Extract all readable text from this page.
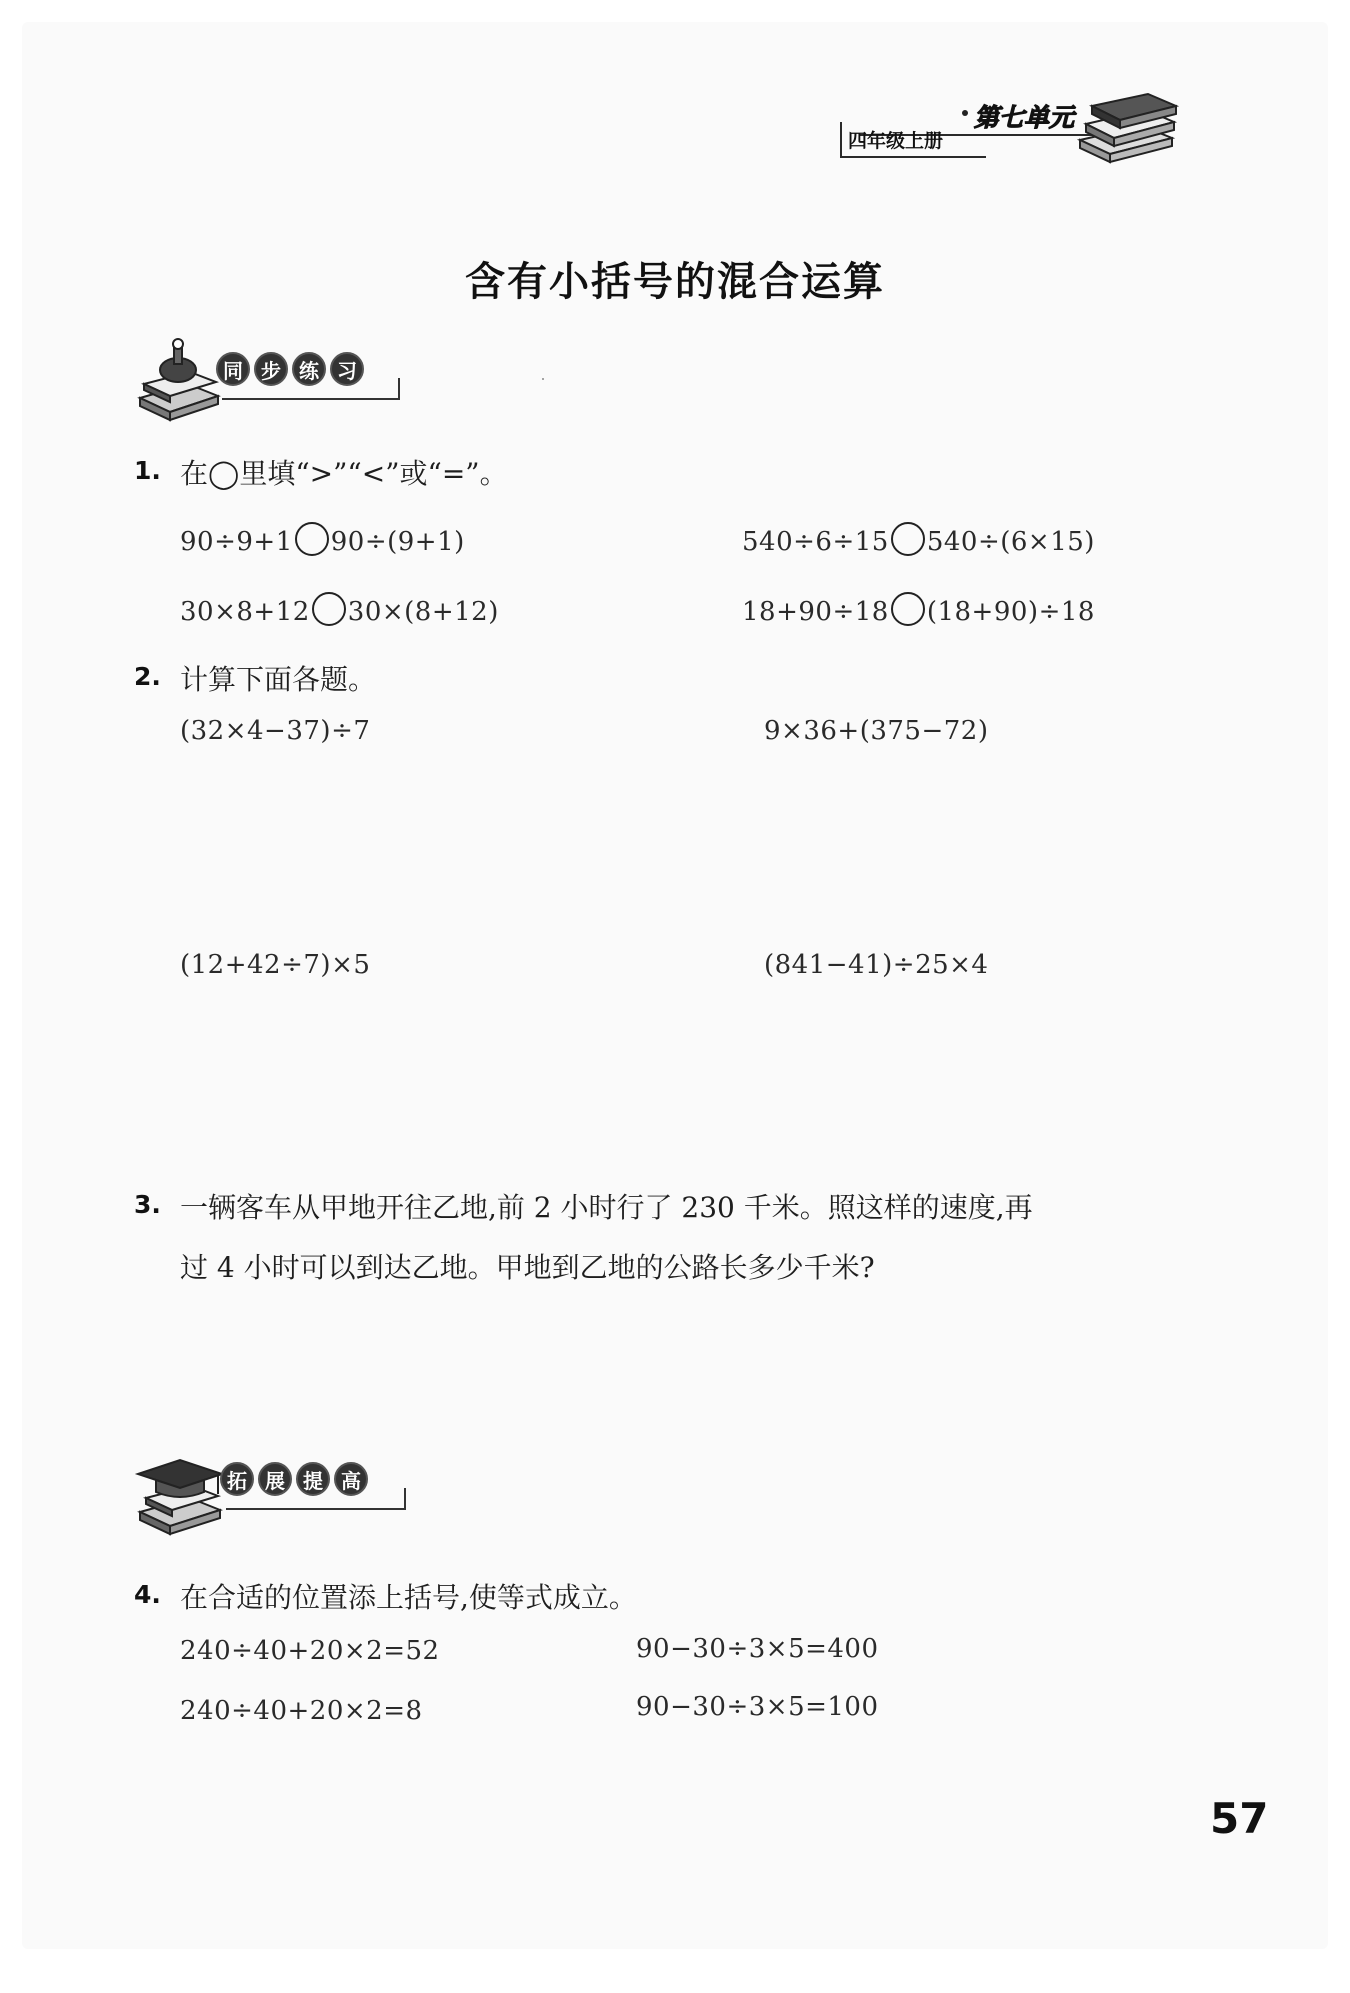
四年级上册
第七单元
含有小括号的混合运算
同 步 练 习
1. 在◯里填“>”“<”或“=”。
90÷9+1 90÷(9+1)	540÷6÷15 540÷(6×15)
30×8+12 30×(8+12)	18+90÷18 (18+90)÷18
2. 计算下面各题。
(32×4−37)÷7	9×36+(375−72)
(12+42÷7)×5	(841−41)÷25×4
3. 一辆客车从甲地开往乙地,前 2 小时行了 230 千米。照这样的速度,再
过 4 小时可以到达乙地。甲地到乙地的公路长多少千米?
拓 展 提 高
4. 在合适的位置添上括号,使等式成立。
240÷40+20×2=52	90−30÷3×5=400
240÷40+20×2=8	90−30÷3×5=100
57
